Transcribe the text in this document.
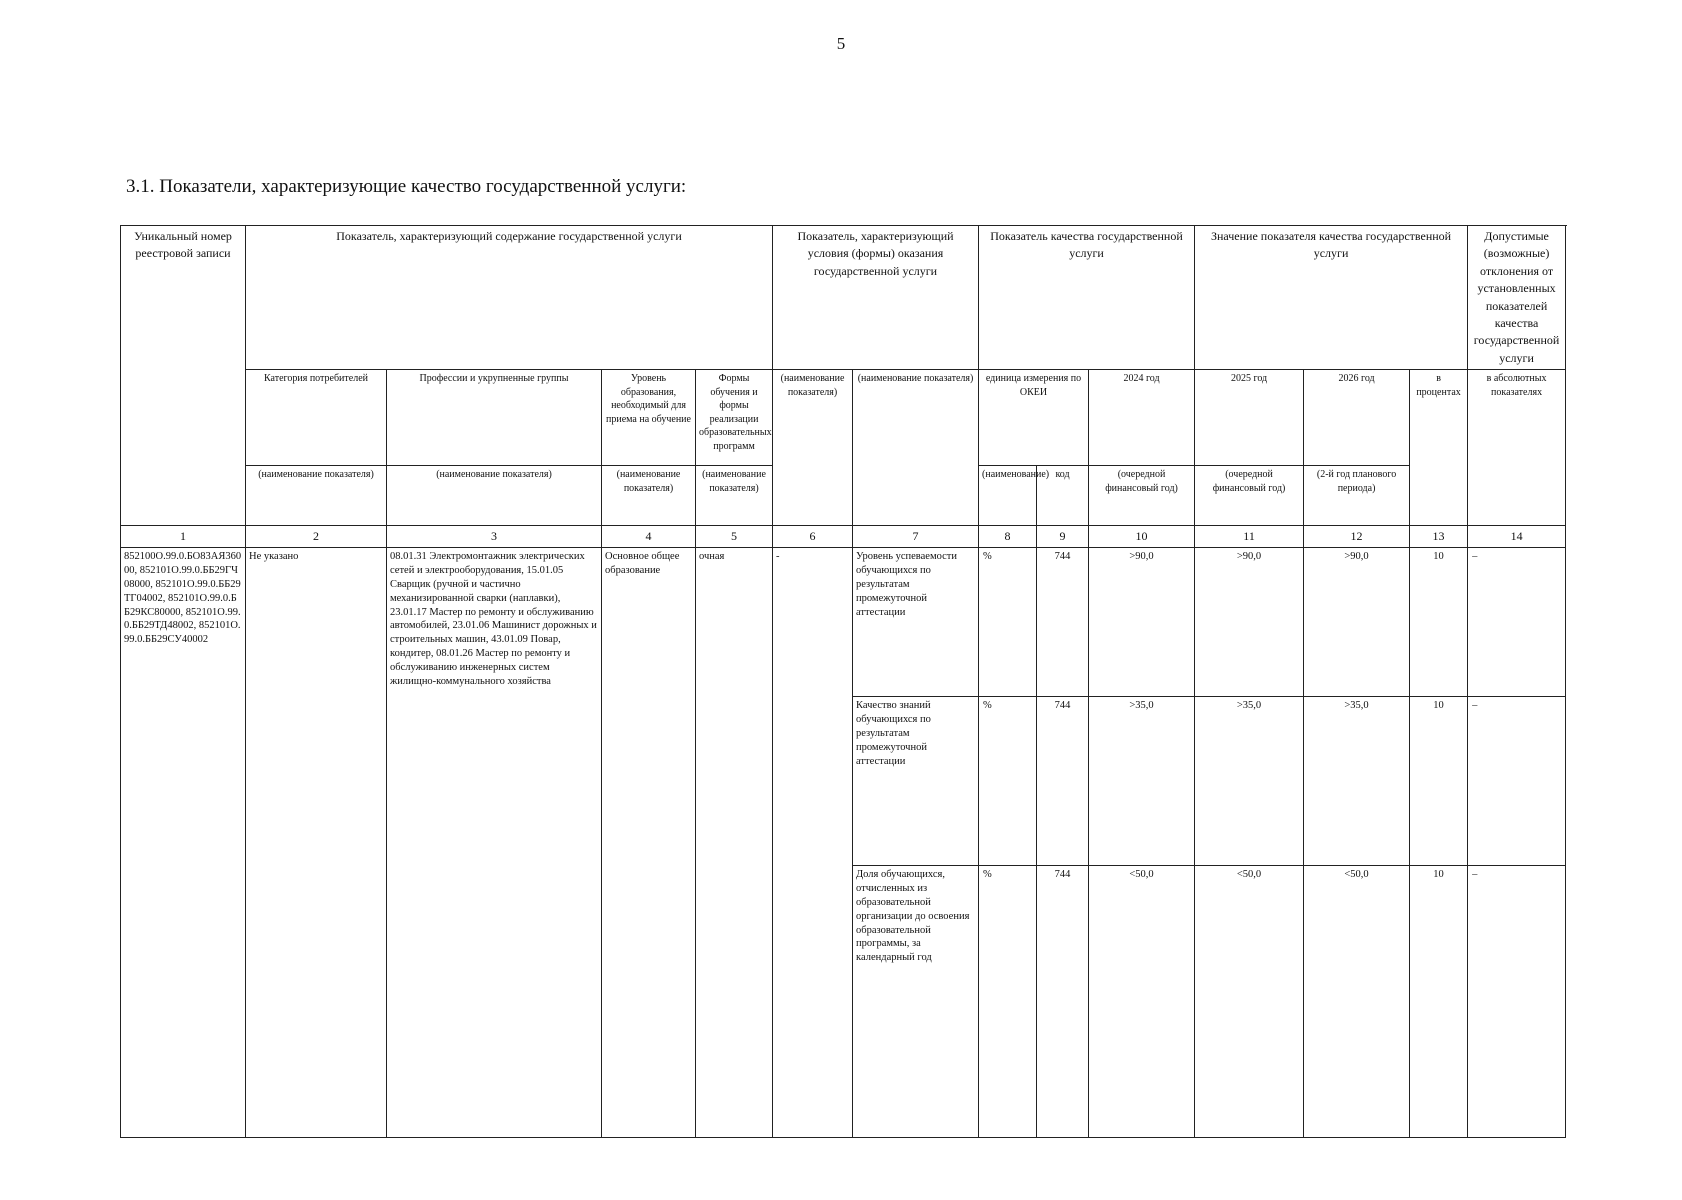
5
3.1. Показатели, характеризующие качество государственной услуги:
Уникальный номер реестровой записи	Показатель, характеризующий содержание государственной услуги				Показатель, характеризующий условия (формы) оказания государственной услуги		Показатель качества государственной услуги			Значение показателя качества государственной услуги			Допустимые (возможные) отклонения от установленных показателей качества государственной услуги
	Категория потребителей	Профессии и укрупненные группы	Уровень образования, необходимый для приема на обучение	Формы обучения и формы реализации образовательных программ	(наименование показателя)	(наименование показателя)	единица измерения по ОКЕИ		2024 год	2025 год	2026 год	в процентах	в абсолютных показателях
	(наименование показателя)	(наименование показателя)	(наименование показателя)	(наименование показателя)			(наименование)	код	(очередной финансовый год)	(очередной финансовый год)	(2-й год планового периода)		
1	2	3	4	5	6	7	8	9	10	11	12	13	14
852100О.99.0.БО83АЯ36000, 852101О.99.0.ББ29ГЧ08000, 852101О.99.0.ББ29ТГ04002, 852101О.99.0.ББ29КС80000, 852101О.99.0.ББ29ТД48002, 852101О.99.0.ББ29СУ40002	Не указано	08.01.31 Электромонтажник электрических сетей и электрооборудования, 15.01.05 Сварщик (ручной и частично механизированной сварки (наплавки), 23.01.17 Мастер по ремонту и обслуживанию автомобилей, 23.01.06 Машинист дорожных и строительных машин, 43.01.09 Повар, кондитер, 08.01.26 Мастер по ремонту и обслуживанию инженерных систем жилищно-коммунального хозяйства	Основное общее образование	очная	-	Уровень успеваемости обучающихся по результатам промежуточной аттестации	%	744	>90,0	>90,0	>90,0	10	–
						Качество знаний обучающихся по результатам промежуточной аттестации	%	744	>35,0	>35,0	>35,0	10	–
						Доля обучающихся, отчисленных из образовательной организации до освоения образовательной программы, за календарный год	%	744	<50,0	<50,0	<50,0	10	–
